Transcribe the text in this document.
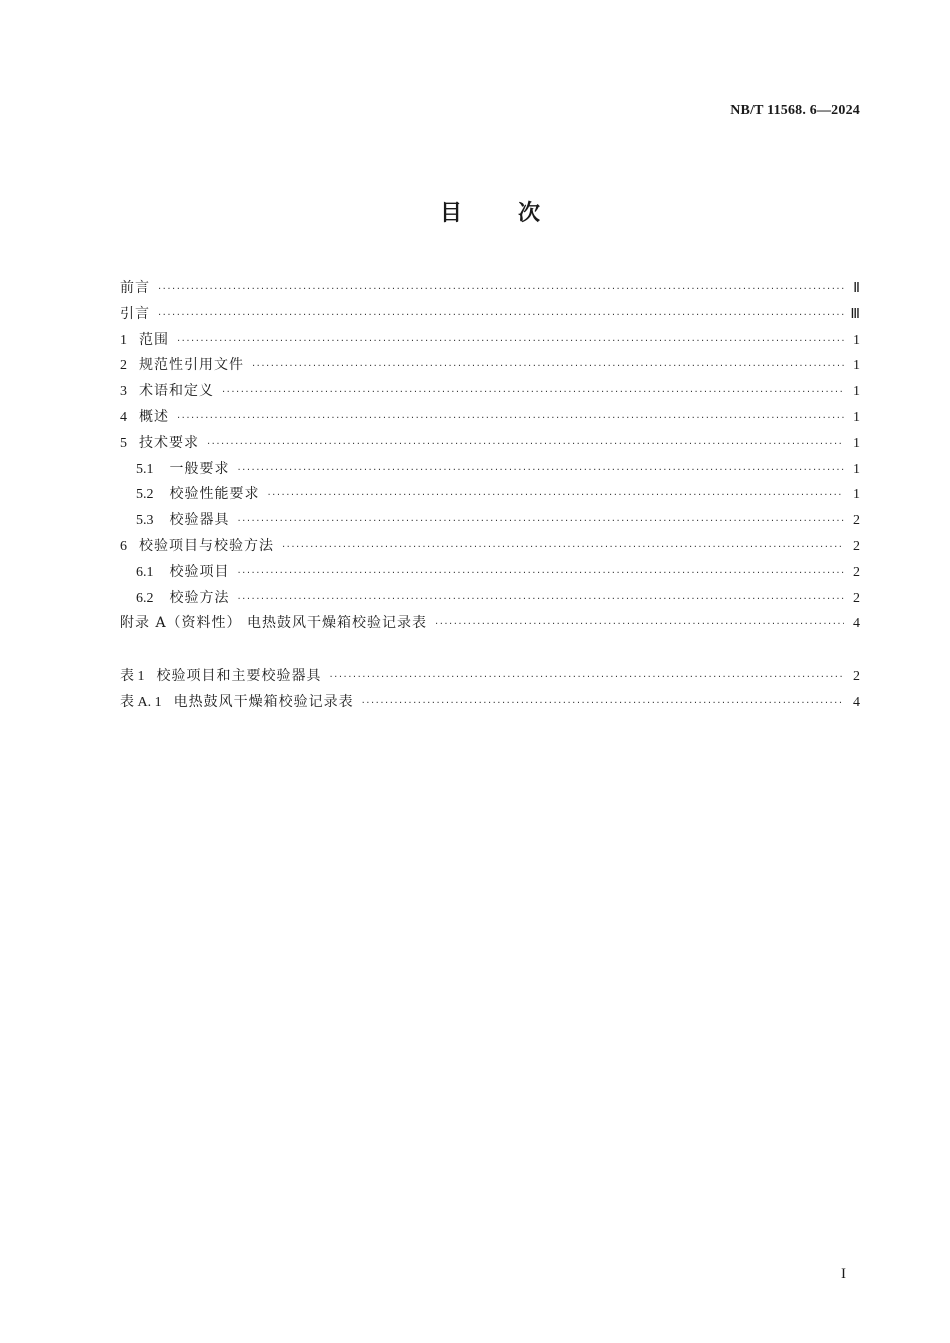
NB/T 11568. 6—2024
目次
前言 ·····	Ⅱ
引言 ·····	Ⅲ
1 范围 ·····	1
2 规范性引用文件 ·····	1
3 术语和定义 ·····	1
4 概述 ·····	1
5 技术要求 ·····	1
5.1 一般要求 ·····	1
5.2 校验性能要求 ·····	1
5.3 校验器具 ·····	2
6 校验项目与校验方法 ·····	2
6.1 校验项目 ·····	2
6.2 校验方法 ·····	2
附录 A（资料性） 电热鼓风干燥箱校验记录表 ·····	4
表 1 校验项目和主要校验器具 ·····	2
表 A. 1 电热鼓风干燥箱校验记录表 ·····	4
I
